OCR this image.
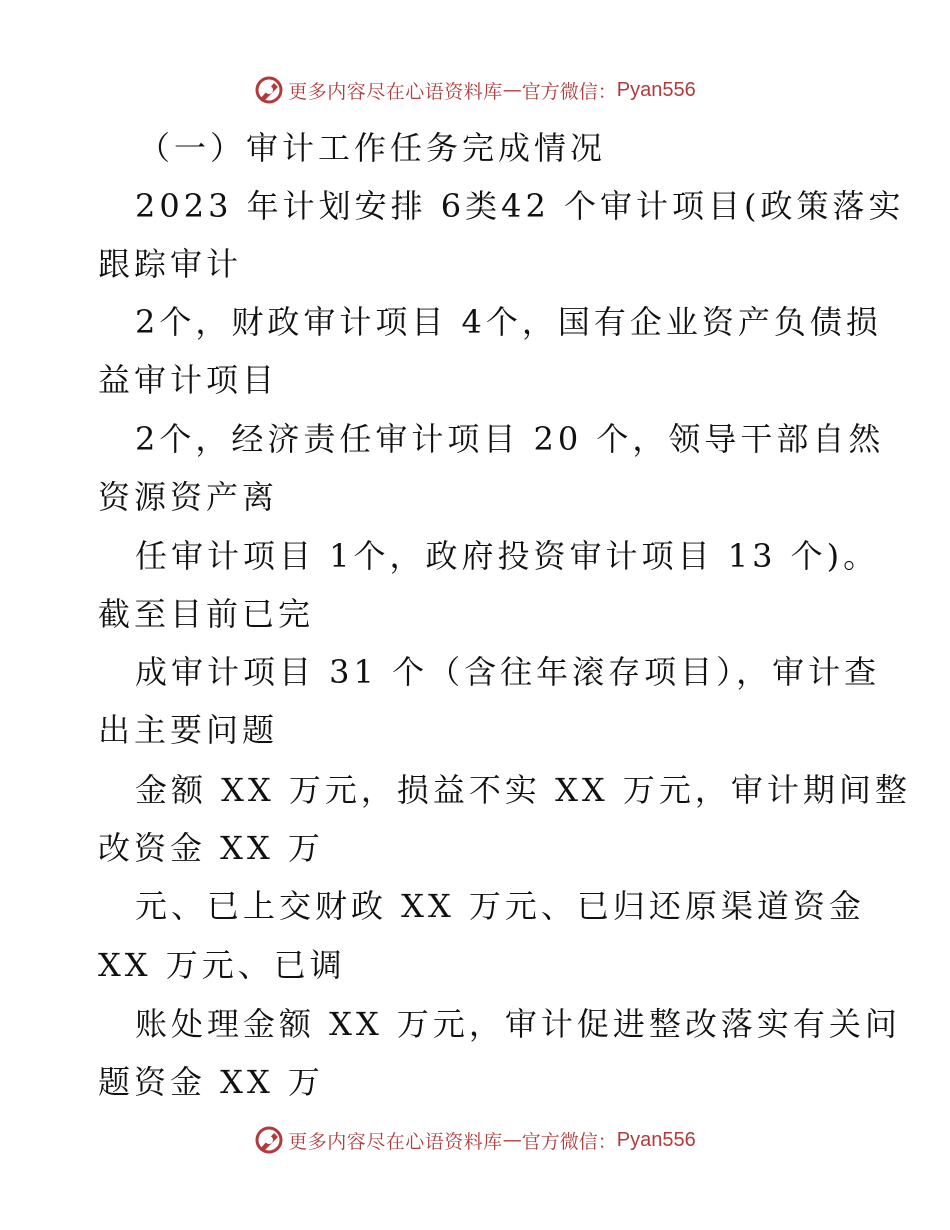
更多内容尽在心语资料库 — 官方微信： Pyan556
（一）审计工作任务完成情况
2023 年计划安排 6类42 个审计项目(政策落实
跟踪审计
2个，财政审计项目 4个，国有企业资产负债损
益审计项目
2个，经济责任审计项目 20 个，领导干部自然
资源资产离
任审计项目 1个，政府投资审计项目 13 个)。
截至目前已完
成审计项目 31 个（含往年滚存项目），审计查
出主要问题
金额 XX 万元，损益不实 XX 万元，审计期间整
改资金 XX 万
元、已上交财政 XX 万元、已归还原渠道资金
XX 万元、已调
账处理金额 XX 万元，审计促进整改落实有关问
题资金 XX 万
更多内容尽在心语资料库 — 官方微信： Pyan556
